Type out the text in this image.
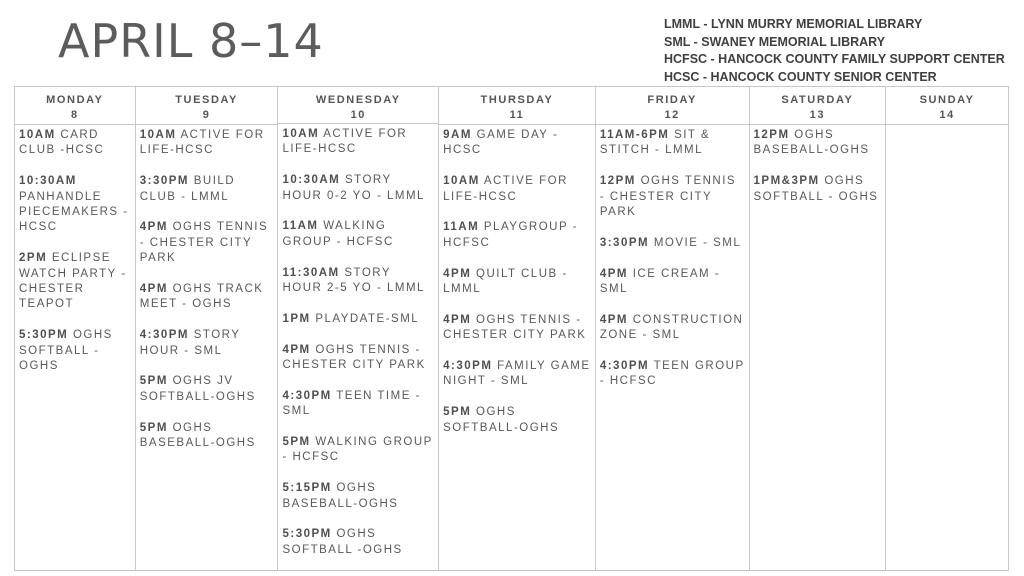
APRIL 8–14	LMML - LYNN MURRY MEMORIAL LIBRARY
SML - SWANEY MEMORIAL LIBRARY
HCFSC - HANCOCK COUNTY FAMILY SUPPORT CENTER
HCSC - HANCOCK COUNTY SENIOR CENTER
MONDAY
8
10AM CARD CLUB -HCSC
10:30AM PANHANDLE PIECEMAKERS -HCSC
2PM ECLIPSE WATCH PARTY - CHESTER TEAPOT
5:30PM OGHS SOFTBALL - OGHS
TUESDAY
9
10AM ACTIVE FOR LIFE-HCSC
3:30PM BUILD CLUB - LMML
4PM OGHS TENNIS - CHESTER CITY PARK
4PM OGHS TRACK MEET - OGHS
4:30PM STORY HOUR - SML
5PM OGHS JV SOFTBALL-OGHS
5PM OGHS BASEBALL-OGHS
WEDNESDAY
10
10AM ACTIVE FOR LIFE-HCSC
10:30AM STORY HOUR 0-2 YO - LMML
11AM WALKING GROUP - HCFSC
11:30AM STORY HOUR 2-5 YO - LMML
1PM PLAYDATE-SML
4PM OGHS TENNIS - CHESTER CITY PARK
4:30PM TEEN TIME - SML
5PM WALKING GROUP - HCFSC
5:15PM OGHS BASEBALL-OGHS
5:30PM OGHS SOFTBALL -OGHS
THURSDAY
11
9AM GAME DAY - HCSC
10AM ACTIVE FOR LIFE-HCSC
11AM PLAYGROUP - HCFSC
4PM QUILT CLUB - LMML
4PM OGHS TENNIS - CHESTER CITY PARK
4:30PM FAMILY GAME NIGHT - SML
5PM OGHS SOFTBALL-OGHS
FRIDAY
12
11AM-6PM SIT & STITCH - LMML
12PM OGHS TENNIS - CHESTER CITY PARK
3:30PM MOVIE - SML
4PM ICE CREAM - SML
4PM CONSTRUCTION ZONE - SML
4:30PM TEEN GROUP - HCFSC
SATURDAY
13
12PM OGHS BASEBALL-OGHS
1PM&3PM OGHS SOFTBALL - OGHS
SUNDAY
14
